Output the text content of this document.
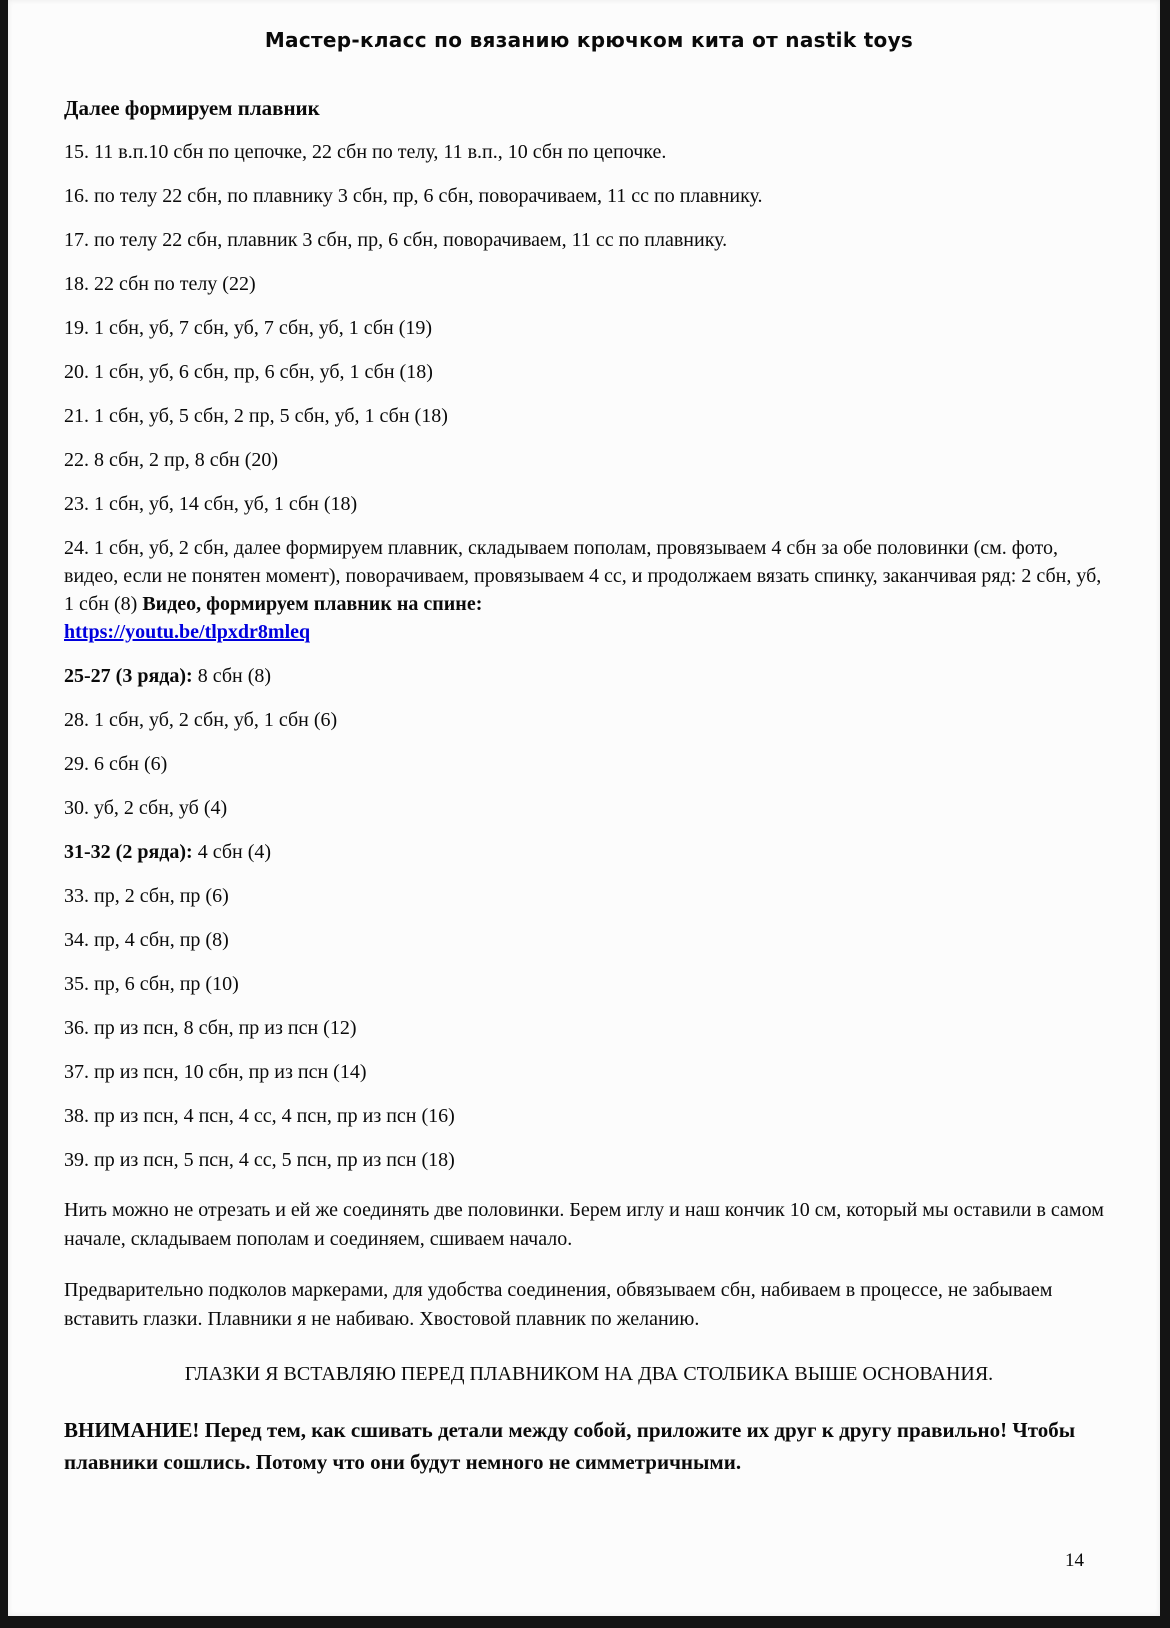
Мастер-класс по вязанию крючком кита от nastik toys

Далее формируем плавник

15. 11 в.п.10 сбн по цепочке, 22 сбн по телу, 11 в.п., 10 сбн по цепочке.

16. по телу 22 сбн, по плавнику 3 сбн, пр, 6 сбн, поворачиваем, 11 сс по плавнику.

17. по телу 22 сбн, плавник 3 сбн, пр, 6 сбн, поворачиваем, 11 сс по плавнику.

18. 22 сбн по телу (22)

19. 1 сбн, уб, 7 сбн, уб, 7 сбн, уб, 1 сбн (19)

20. 1 сбн, уб, 6 сбн, пр, 6 сбн, уб, 1 сбн (18)

21. 1 сбн, уб, 5 сбн, 2 пр, 5 сбн, уб, 1 сбн (18)

22. 8 сбн, 2 пр, 8 сбн (20)

23. 1 сбн, уб, 14 сбн, уб, 1 сбн (18)

24. 1 сбн, уб, 2 сбн, далее формируем плавник, складываем пополам, провязываем 4 сбн за обе половинки (см. фото, видео, если не понятен момент), поворачиваем, провязываем 4 сс, и продолжаем вязать спинку, заканчивая ряд: 2 сбн, уб, 1 сбн (8) Видео, формируем плавник на спине:
https://youtu.be/tlpxdr8mleq

25-27 (3 ряда): 8 сбн (8)

28. 1 сбн, уб, 2 сбн, уб, 1 сбн (6)

29. 6 сбн (6)

30. уб, 2 сбн, уб (4)

31-32 (2 ряда): 4 сбн (4)

33. пр, 2 сбн, пр (6)

34. пр, 4 сбн, пр (8)

35. пр, 6 сбн, пр (10)

36. пр из псн, 8 сбн, пр из псн (12)

37. пр из псн, 10 сбн, пр из псн (14)

38. пр из псн, 4 псн, 4 сс, 4 псн, пр из псн (16)

39. пр из псн, 5 псн, 4 сс, 5 псн, пр из псн (18)

Нить можно не отрезать и ей же соединять две половинки. Берем иглу и наш кончик 10 см, который мы оставили в самом начале, складываем пополам и соединяем, сшиваем начало.

Предварительно подколов маркерами, для удобства соединения, обвязываем сбн, набиваем в процессе, не забываем вставить глазки. Плавники я не набиваю. Хвостовой плавник по желанию.

ГЛАЗКИ Я ВСТАВЛЯЮ ПЕРЕД ПЛАВНИКОМ НА ДВА СТОЛБИКА ВЫШЕ ОСНОВАНИЯ.

ВНИМАНИЕ! Перед тем, как сшивать детали между собой, приложите их друг к другу правильно! Чтобы плавники сошлись. Потому что они будут немного не симметричными.

14
